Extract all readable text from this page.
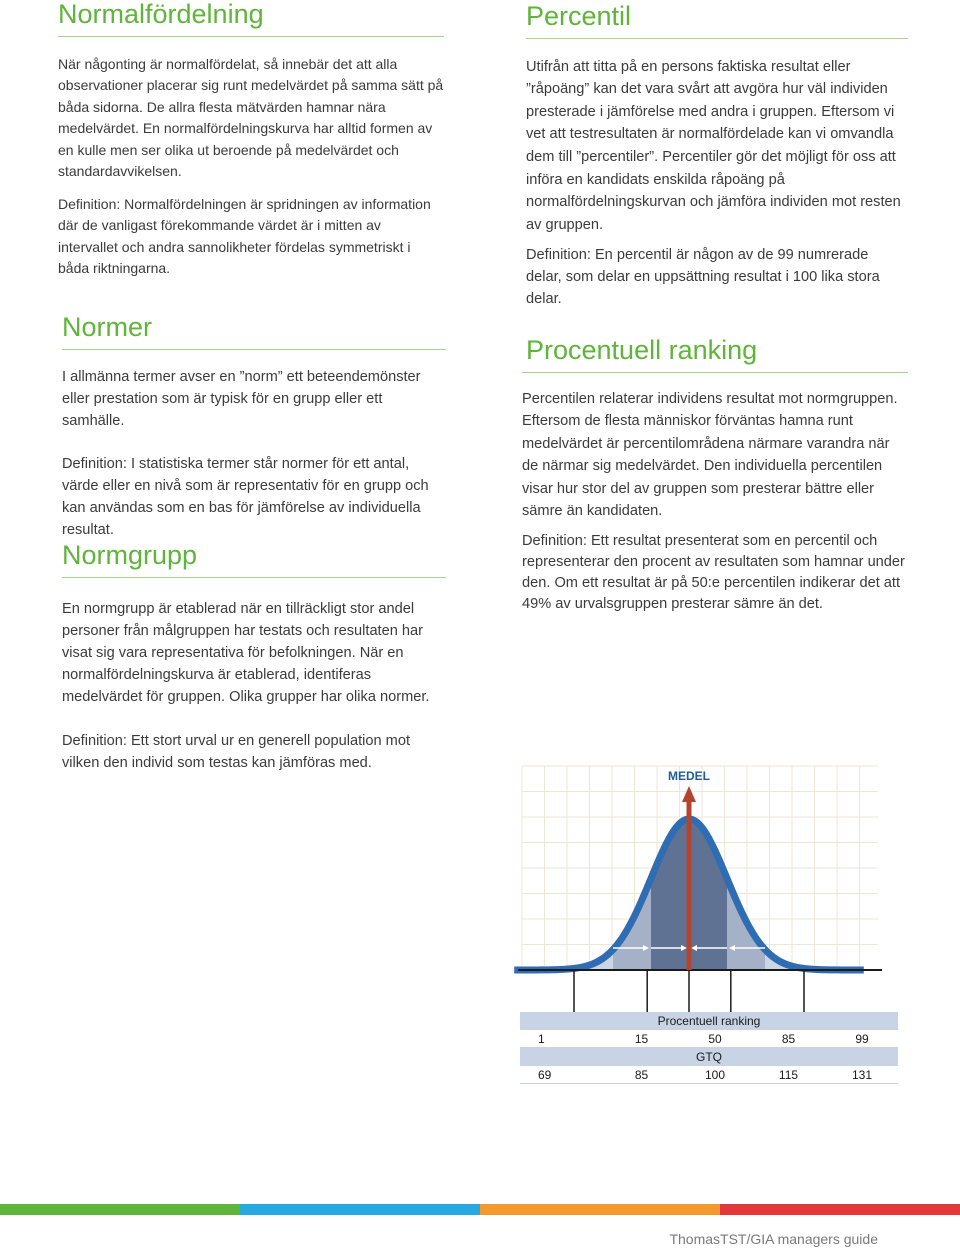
Normalfördelning

När någonting är normalfördelat, så innebär det att alla observationer placerar sig runt medelvärdet på samma sätt på båda sidorna. De allra flesta mätvärden hamnar nära medelvärdet. En normalfördelningskurva har alltid formen av en kulle men ser olika ut beroende på medelvärdet och standardavvikelsen.

Definition: Normalfördelningen är spridningen av information där de vanligast förekommande värdet är i mitten av intervallet och andra sannolikheter fördelas symmetriskt i båda riktningarna.

Normer

I allmänna termer avser en ”norm” ett beteendemönster eller prestation som är typisk för en grupp eller ett samhälle.

Definition: I statistiska termer står normer för ett antal, värde eller en nivå som är representativ för en grupp och kan användas som en bas för jämförelse av individuella resultat.

Normgrupp

En normgrupp är etablerad när en tillräckligt stor andel personer från målgruppen har testats och resultaten har visat sig vara representativa för befolkningen. När en normalfördelningskurva är etablerad, identiferas medelvärdet för gruppen. Olika grupper har olika normer.

Definition: Ett stort urval ur en generell population mot vilken den individ som testas kan jämföras med.

Percentil

Utifrån att titta på en persons faktiska resultat eller ”råpoäng” kan det vara svårt att avgöra hur väl individen presterade i jämförelse med andra i gruppen. Eftersom vi vet att testresultaten är normalfördelade kan vi omvandla dem till ”percentiler”. Percentiler gör det möjligt för oss att införa en kandidats enskilda råpoäng på normalfördelningskurvan och jämföra individen mot resten av gruppen.

Definition: En percentil är någon av de 99 numrerade delar, som delar en uppsättning resultat i 100 lika stora delar.

Procentuell ranking

Percentilen relaterar individens resultat mot normgruppen. Eftersom de flesta människor förväntas hamna runt medelvärdet är percentilområdena närmare varandra när de närmar sig medelvärdet. Den individuella percentilen visar hur stor del av gruppen som presterar bättre eller sämre än kandidaten.

Definition: Ett resultat presenterat som en percentil och representerar den procent av resultaten som hamnar under den. Om ett resultat är på 50:e percentilen indikerar det att 49% av urvalsgruppen presterar sämre än det.

MEDEL
Procentuell ranking
1	15	50	85	99
GTQ
69	85	100	115	131
ThomasTST/GIA managers guide
